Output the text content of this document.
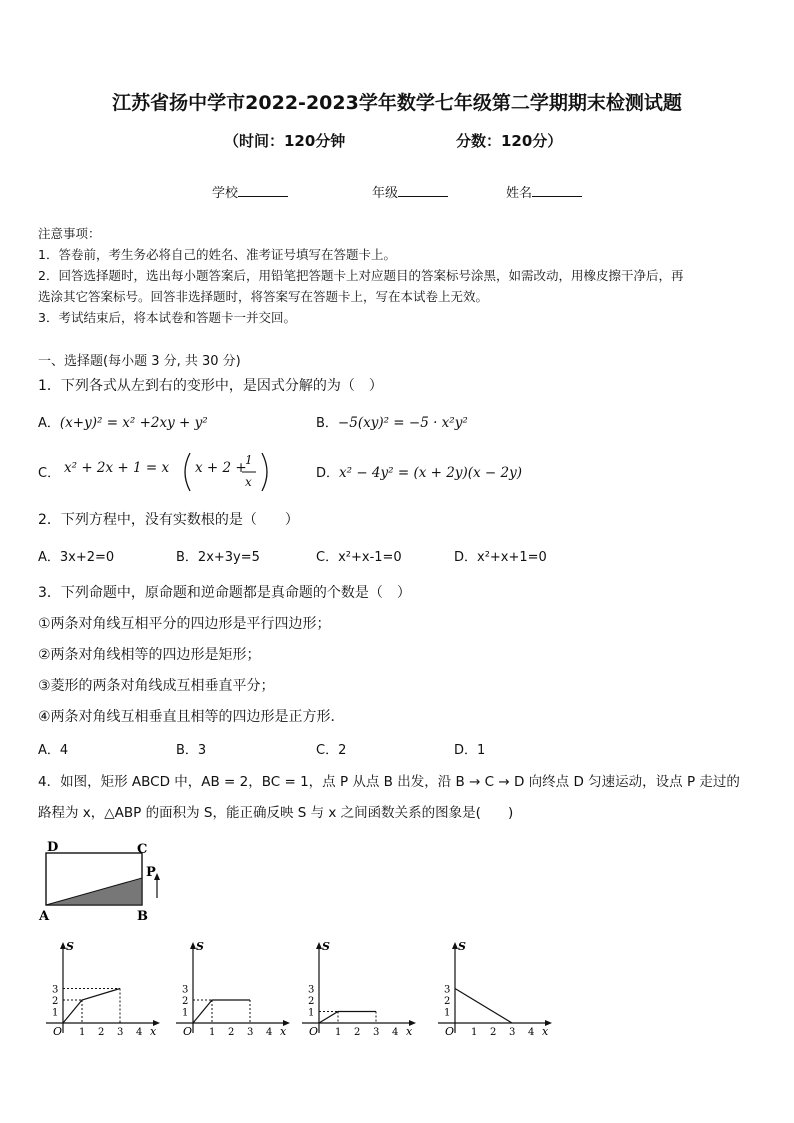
江苏省扬中学市2022-2023学年数学七年级第二学期期末检测试题
（时间：120分钟	分数：120分）
学校	年级	姓名
注意事项：
1．答卷前，考生务必将自己的姓名、准考证号填写在答题卡上。
2．回答选择题时，选出每小题答案后，用铅笔把答题卡上对应题目的答案标号涂黑，如需改动，用橡皮擦干净后，再
选涂其它答案标号。回答非选择题时，将答案写在答题卡上，写在本试卷上无效。
3．考试结束后，将本试卷和答题卡一并交回。
一、选择题(每小题 3 分, 共 30 分)
1．下列各式从左到右的变形中，是因式分解的为（　）
A．(x+y)² = x² +2xy + y²	B．−5(xy)² = −5 · x²y²
C． x² + 2x + 1 = x x + 2 +
1
x
D．x² − 4y² = (x + 2y)(x − 2y)
2．下列方程中，没有实数根的是（　　）
A．3x+2=0	B．2x+3y=5	C．x²+x-1=0	D．x²+x+1=0
3．下列命题中，原命题和逆命题都是真命题的个数是（　）
①两条对角线互相平分的四边形是平行四边形；
②两条对角线相等的四边形是矩形；
③菱形的两条对角线成互相垂直平分；
④两条对角线互相垂直且相等的四边形是正方形．
A．4	B．3	C．2	D．1
4．如图，矩形 ABCD 中，AB = 2，BC = 1，点 P 从点 B 出发，沿 B → C → D 向终点 D 匀速运动，设点 P 走过的
路程为 x，△ABP 的面积为 S，能正确反映 S 与 x 之间函数关系的图象是(　　)
D	C
P
A	B
x
S
O 1 2 3 4
1
2
3
x
S
O 1 2 3 4
1
2
3
x
S
O 1 2 3 4
1
2
3
x
S
O 1 2 3 4
1
2
3
